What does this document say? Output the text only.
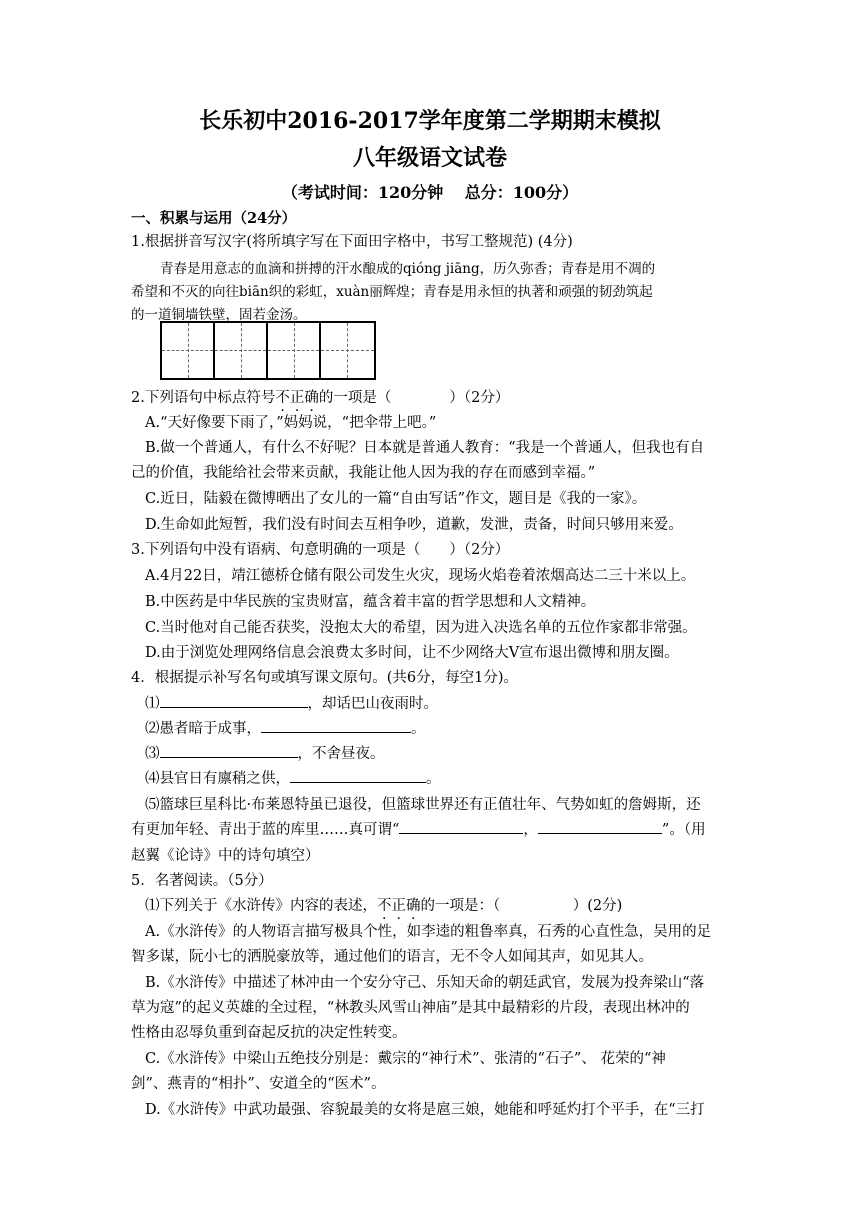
长乐初中2016-2017学年度第二学期期末模拟
八年级语文试卷
（考试时间：120分钟　 总分：100分）
一、积累与运用（24分）
1.根据拼音写汉字(将所填字写在下面田字格中，书写工整规范) (4分)
青春是用意志的血滴和拼搏的汗水酿成的qióng jiāng，历久弥香；青春是用不凋的
希望和不灭的向往biān织的彩虹，xuàn丽辉煌；青春是用永恒的执著和顽强的韧劲筑起
的一道铜墙铁壁，固若金汤。
2.下列语句中标点符号不正确的一项是（　　　　）（2分）
A.“天好像要下雨了，”妈妈说，“把伞带上吧。”
B.做一个普通人，有什么不好呢？日本就是普通人教育：“我是一个普通人，但我也有自
己的价值，我能给社会带来贡献，我能让他人因为我的存在而感到幸福。”
C.近日，陆毅在微博晒出了女儿的一篇“自由写话”作文，题目是《我的一家》。
D.生命如此短暂，我们没有时间去互相争吵，道歉，发泄，责备，时间只够用来爱。
3.下列语句中没有语病、句意明确的一项是（　　）（2分）
A.4月22日，靖江德桥仓储有限公司发生火灾，现场火焰卷着浓烟高达二三十米以上。
B.中医药是中华民族的宝贵财富，蕴含着丰富的哲学思想和人文精神。
C.当时他对自己能否获奖，没抱太大的希望，因为进入决选名单的五位作家都非常强。
D.由于浏览处理网络信息会浪费太多时间，让不少网络大V宣布退出微博和朋友圈。
4．根据提示补写名句或填写课文原句。(共6分，每空1分)。
⑴	，却话巴山夜雨时。
⑵愚者暗于成事，	。
⑶	，不舍昼夜。
⑷县官日有廪稍之供，	。
⑸篮球巨星科比·布莱恩特虽已退役，但篮球世界还有正值壮年、气势如虹的詹姆斯，还
有更加年轻、青出于蓝的库里……真可谓“	，	”。（用
赵翼《论诗》中的诗句填空）
5．名著阅读。（5分）
⑴下列关于《水浒传》内容的表述，不正确的一项是：（　　　　　）(2分)
A.《水浒传》的人物语言描写极具个性，如李逵的粗鲁率真，石秀的心直性急，吴用的足
智多谋，阮小七的洒脱豪放等，通过他们的语言，无不令人如闻其声，如见其人。
B.《水浒传》中描述了林冲由一个安分守己、乐知天命的朝廷武官，发展为投奔梁山“落
草为寇”的起义英雄的全过程，“林教头风雪山神庙”是其中最精彩的片段，表现出林冲的
性格由忍辱负重到奋起反抗的决定性转变。
C.《水浒传》中梁山五绝技分别是：戴宗的“神行术”、张清的“石子”、 花荣的“神
剑”、燕青的“相扑”、安道全的“医术”。
D.《水浒传》中武功最强、容貌最美的女将是扈三娘，她能和呼延灼打个平手，在“三打
